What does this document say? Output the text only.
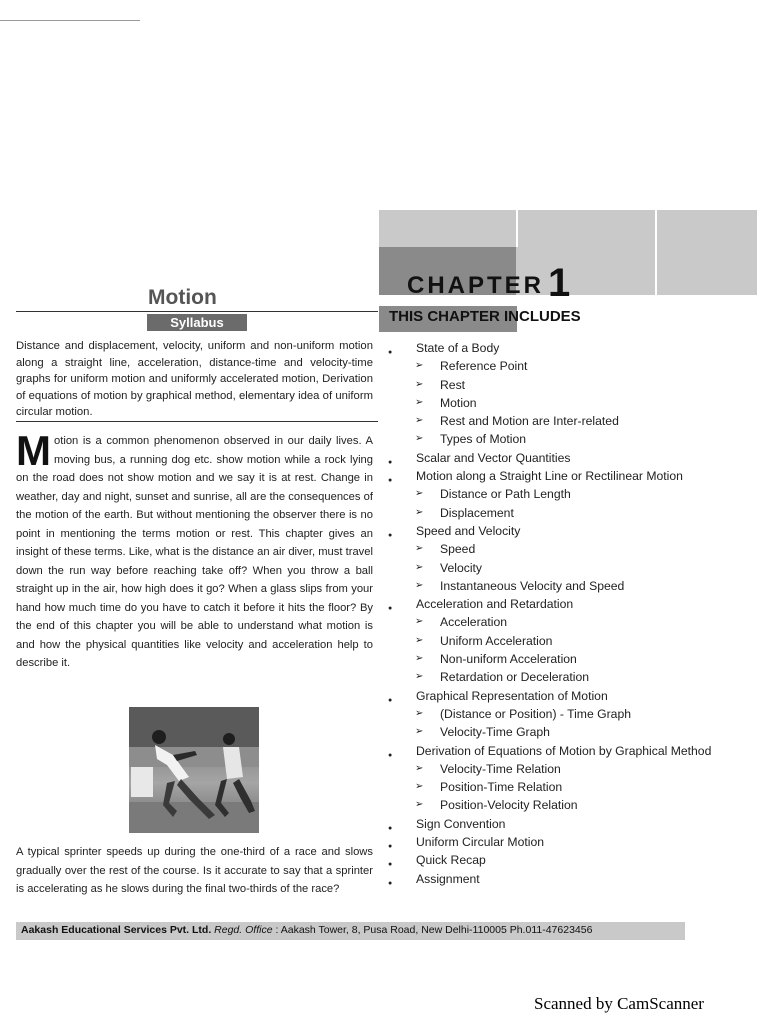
CHAPTER 1
THIS CHAPTER INCLUDES
Motion
Syllabus
Distance and displacement, velocity, uniform and non-uniform motion along a straight line, acceleration, distance-time and velocity-time graphs for uniform motion and uniformly accelerated motion, Derivation of equations of motion by graphical method, elementary idea of uniform circular motion.
Motion is a common phenomenon observed in our daily lives. A moving bus, a running dog etc. show motion while a rock lying on the road does not show motion and we say it is at rest. Change in weather, day and night, sunset and sunrise, all are the consequences of the motion of the earth. But without mentioning the observer there is no point in mentioning the terms motion or rest. This chapter gives an insight of these terms. Like, what is the distance an air diver, must travel down the run way before reaching take off? When you throw a ball straight up in the air, how high does it go? When a glass slips from your hand how much time do you have to catch it before it hits the floor? By the end of this chapter you will be able to understand what motion is and how the physical quantities like velocity and acceleration help to describe it.
A typical sprinter speeds up during the one-third of a race and slows gradually over the rest of the course. Is it accurate to say that a sprinter is accelerating as he slows during the final two-thirds of the race?
● State of a Body
➢ Reference Point
➢ Rest
➢ Motion
➢ Rest and Motion are Inter-related
➢ Types of Motion
● Scalar and Vector Quantities
● Motion along a Straight Line or Rectilinear Motion
➢ Distance or Path Length
➢ Displacement
● Speed and Velocity
➢ Speed
➢ Velocity
➢ Instantaneous Velocity and Speed
● Acceleration and Retardation
➢ Acceleration
➢ Uniform Acceleration
➢ Non-uniform Acceleration
➢ Retardation or Deceleration
● Graphical Representation of Motion
➢ (Distance or Position) - Time Graph
➢ Velocity-Time Graph
● Derivation of Equations of Motion by Graphical Method
➢ Velocity-Time Relation
➢ Position-Time Relation
➢ Position-Velocity Relation
● Sign Convention
● Uniform Circular Motion
● Quick Recap
● Assignment
Aakash Educational Services Pvt. Ltd. Regd. Office : Aakash Tower, 8, Pusa Road, New Delhi-110005 Ph.011-47623456
Scanned by CamScanner
